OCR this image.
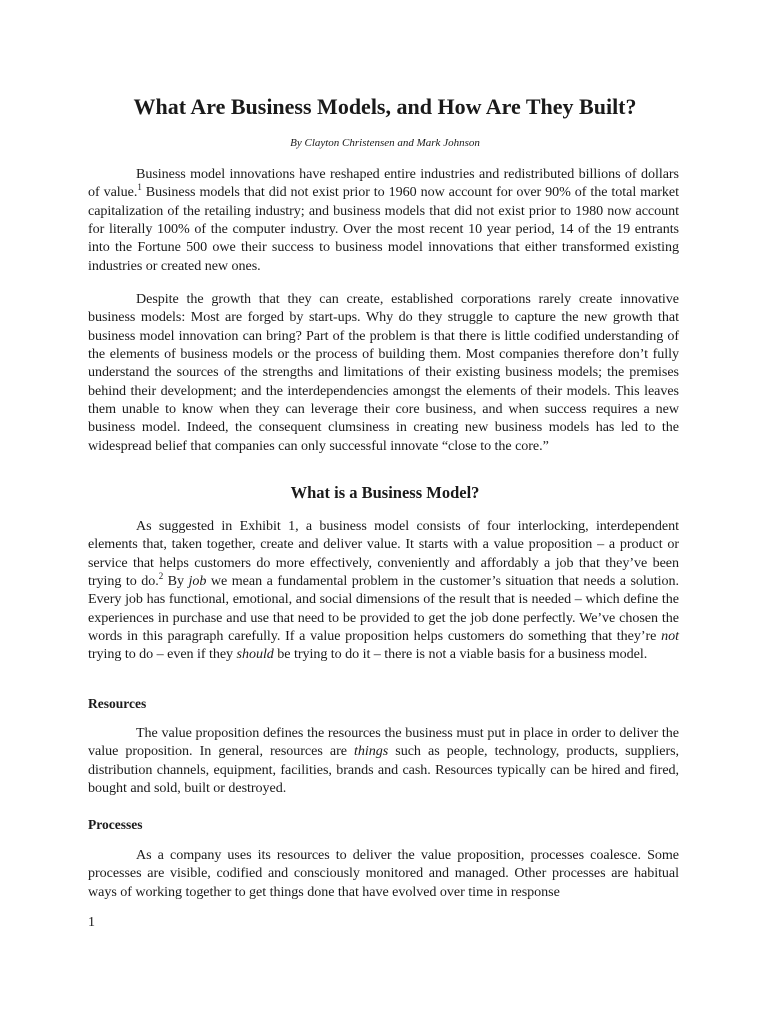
What Are Business Models, and How Are They Built?

By Clayton Christensen and Mark Johnson

Business model innovations have reshaped entire industries and redistributed billions of dollars of value.$^1$ Business models that did not exist prior to 1960 now account for over 90% of the total market capitalization of the retailing industry; and business models that did not exist prior to 1980 now account for literally 100% of the computer industry. Over the most recent 10 year period, 14 of the 19 entrants into the Fortune 500 owe their success to business model innovations that either transformed existing industries or created new ones.

Despite the growth that they can create, established corporations rarely create innovative business models: Most are forged by start-ups. Why do they struggle to capture the new growth that business model innovation can bring? Part of the problem is that there is little codified understanding of the elements of business models or the process of building them. Most companies therefore don’t fully understand the sources of the strengths and limitations of their existing business models; the premises behind their development; and the interdependencies amongst the elements of their models. This leaves them unable to know when they can leverage their core business, and when success requires a new business model. Indeed, the consequent clumsiness in creating new business models has led to the widespread belief that companies can only successful innovate “close to the core.”

What is a Business Model?

As suggested in Exhibit 1, a business model consists of four interlocking, interdependent elements that, taken together, create and deliver value. It starts with a value proposition – a product or service that helps customers do more effectively, conveniently and affordably a job that they’ve been trying to do.$^2$ By job we mean a fundamental problem in the customer’s situation that needs a solution. Every job has functional, emotional, and social dimensions of the result that is needed – which define the experiences in purchase and use that need to be provided to get the job done perfectly. We’ve chosen the words in this paragraph carefully. If a value proposition helps customers do something that they’re not trying to do – even if they should be trying to do it – there is not a viable basis for a business model.

Resources

The value proposition defines the resources the business must put in place in order to deliver the value proposition. In general, resources are things such as people, technology, products, suppliers, distribution channels, equipment, facilities, brands and cash. Resources typically can be hired and fired, bought and sold, built or destroyed.

Processes

As a company uses its resources to deliver the value proposition, processes coalesce. Some processes are visible, codified and consciously monitored and managed. Other processes are habitual ways of working together to get things done that have evolved over time in response

1
